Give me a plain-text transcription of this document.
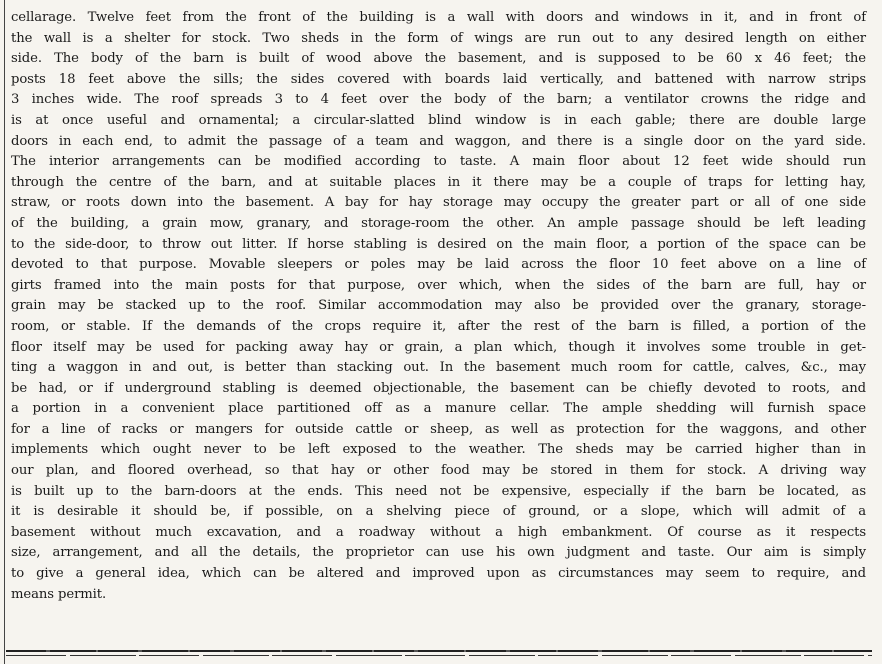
cellarage. Twelve feet from the front of the building is a wall with doors and windows in it, and in front of
the wall is a shelter for stock. Two sheds in the form of wings are run out to any desired length on either
side. The body of the barn is built of wood above the basement, and is supposed to be 60 x 46 feet; the
posts 18 feet above the sills; the sides covered with boards laid vertically, and battened with narrow strips
3 inches wide. The roof spreads 3 to 4 feet over the body of the barn; a ventilator crowns the ridge and
is at once useful and ornamental; a circular-slatted blind window is in each gable; there are double large
doors in each end, to admit the passage of a team and waggon, and there is a single door on the yard side.
The interior arrangements can be modified according to taste. A main floor about 12 feet wide should run
through the centre of the barn, and at suitable places in it there may be a couple of traps for letting hay,
straw, or roots down into the basement. A bay for hay storage may occupy the greater part or all of one side
of the building, a grain mow, granary, and storage-room the other. An ample passage should be left leading
to the side-door, to throw out litter. If horse stabling is desired on the main floor, a portion of the space can be
devoted to that purpose. Movable sleepers or poles may be laid across the floor 10 feet above on a line of
girts framed into the main posts for that purpose, over which, when the sides of the barn are full, hay or
grain may be stacked up to the roof. Similar accommodation may also be provided over the granary, storage-
room, or stable. If the demands of the crops require it, after the rest of the barn is filled, a portion of the
floor itself may be used for packing away hay or grain, a plan which, though it involves some trouble in get-
ting a waggon in and out, is better than stacking out. In the basement much room for cattle, calves, &c., may
be had, or if underground stabling is deemed objectionable, the basement can be chiefly devoted to roots, and
a portion in a convenient place partitioned off as a manure cellar. The ample shedding will furnish space
for a line of racks or mangers for outside cattle or sheep, as well as protection for the waggons, and other
implements which ought never to be left exposed to the weather. The sheds may be carried higher than in
our plan, and floored overhead, so that hay or other food may be stored in them for stock. A driving way
is built up to the barn-doors at the ends. This need not be expensive, especially if the barn be located, as
it is desirable it should be, if possible, on a shelving piece of ground, or a slope, which will admit of a
basement without much excavation, and a roadway without a high embankment. Of course as it respects
size, arrangement, and all the details, the proprietor can use his own judgment and taste. Our aim is simply
to give a general idea, which can be altered and improved upon as circumstances may seem to require, and
means permit.
